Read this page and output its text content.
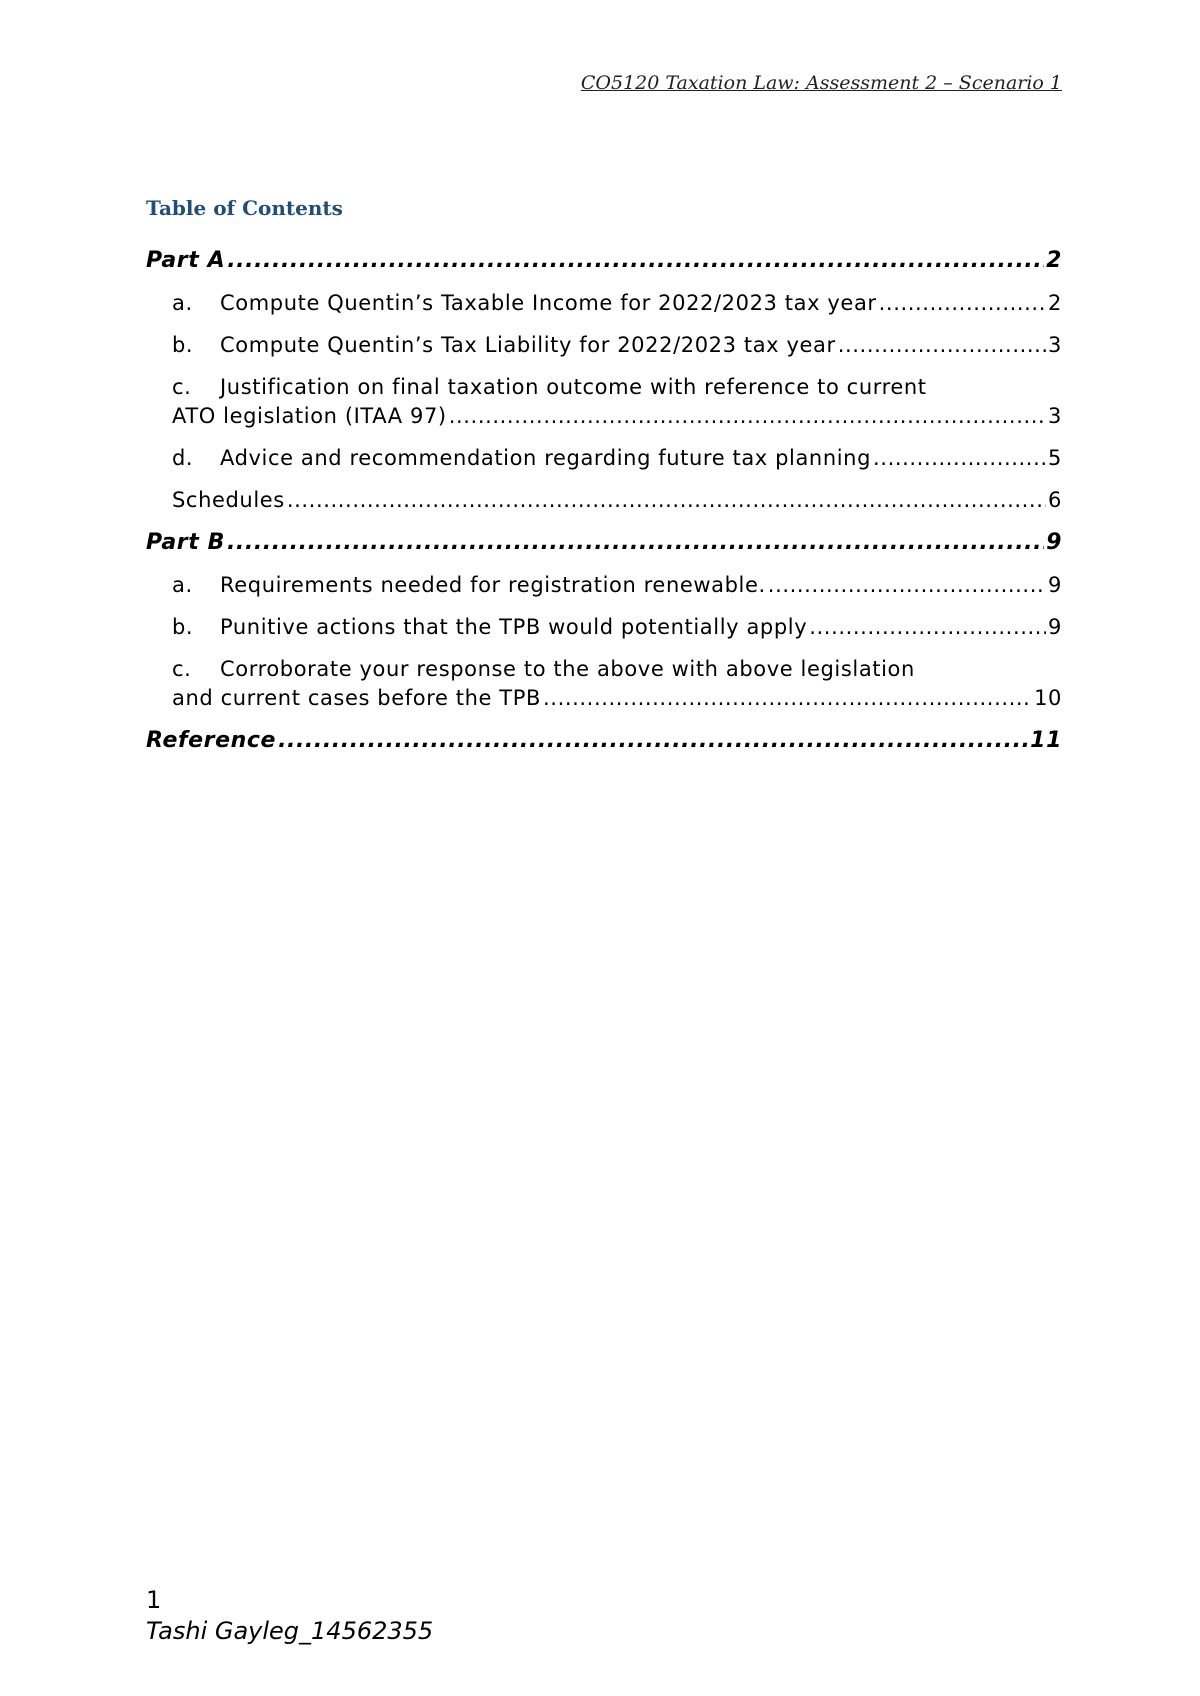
CO5120 Taxation Law: Assessment 2 – Scenario 1
Table of Contents
Part A .....	2
a. Compute Quentin’s Taxable Income for 2022/2023 tax year .....	2
b. Compute Quentin’s Tax Liability for 2022/2023 tax year .....	3
c. Justification on final taxation outcome with reference to current
ATO legislation (ITAA 97) .....	3
d. Advice and recommendation regarding future tax planning .....	5
Schedules .....	6
Part B .....	9
a. Requirements needed for registration renewable. .....	9
b. Punitive actions that the TPB would potentially apply .....	9
c. Corroborate your response to the above with above legislation
and current cases before the TPB .....	10
Reference .....	11
1
Tashi Gayleg_14562355
